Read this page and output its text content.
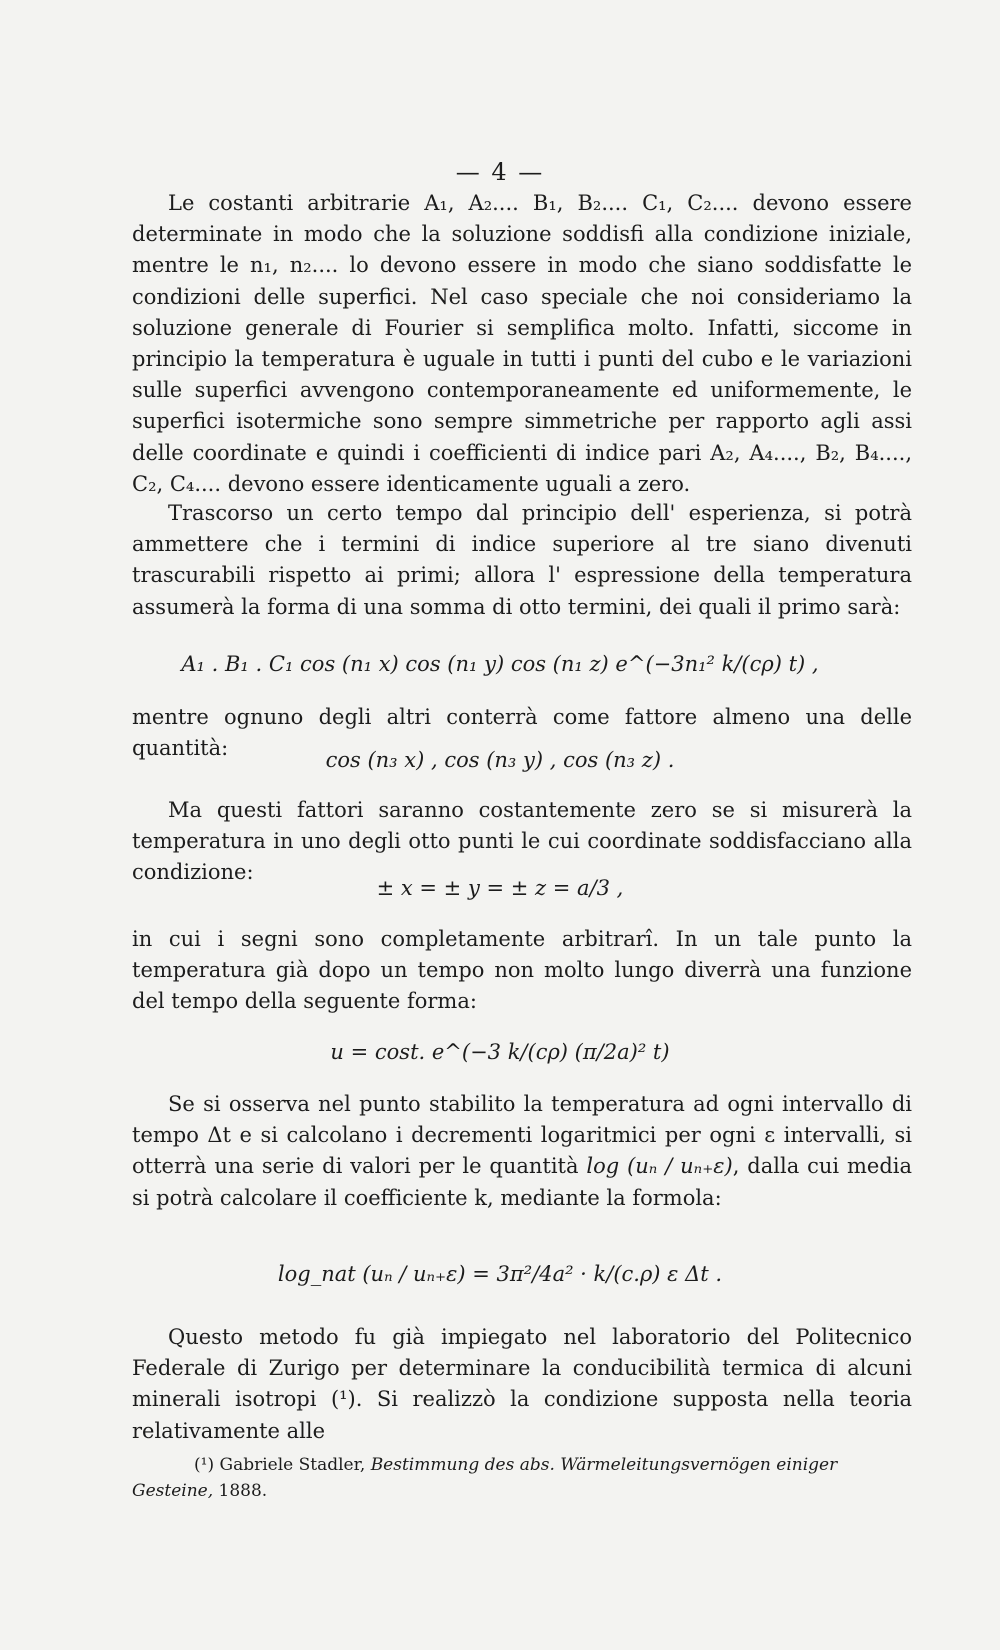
— 4 —
Le costanti arbitrarie A₁, A₂.... B₁, B₂.... C₁, C₂.... devono essere determinate in modo che la soluzione soddisfi alla condizione iniziale, mentre le n₁, n₂.... lo devono essere in modo che siano soddisfatte le condizioni delle superfici. Nel caso speciale che noi consideriamo la soluzione generale di Fourier si semplifica molto. Infatti, siccome in principio la temperatura è uguale in tutti i punti del cubo e le variazioni sulle superfici avvengono contemporaneamente ed uniformemente, le superfici isotermiche sono sempre simmetriche per rapporto agli assi delle coordinate e quindi i coefficienti di indice pari A₂, A₄...., B₂, B₄...., C₂, C₄.... devono essere identicamente uguali a zero.
Trascorso un certo tempo dal principio dell' esperienza, si potrà ammettere che i termini di indice superiore al tre siano divenuti trascurabili rispetto ai primi; allora l' espressione della temperatura assumerà la forma di una somma di otto termini, dei quali il primo sarà:
A₁ . B₁ . C₁ cos (n₁ x) cos (n₁ y) cos (n₁ z) e^(−3n₁² k/(cρ) t) ,
mentre ognuno degli altri conterrà come fattore almeno una delle quantità:	cos (n₃ x) , cos (n₃ y) , cos (n₃ z) .
Ma questi fattori saranno costantemente zero se si misurerà la temperatura in uno degli otto punti le cui coordinate soddisfacciano alla condizione:
± x = ± y = ± z = a/3 ,
in cui i segni sono completamente arbitrarî. In un tale punto la temperatura già dopo un tempo non molto lungo diverrà una funzione del tempo della seguente forma:
u = cost. e^(−3 k/(cρ) (π/2a)² t)
Se si osserva nel punto stabilito la temperatura ad ogni intervallo di tempo Δt e si calcolano i decrementi logaritmici per ogni ε intervalli, si otterrà una serie di valori per le quantità log (uₙ / uₙ₊ε), dalla cui media si potrà calcolare il coefficiente k, mediante la formola:
log_nat (uₙ / uₙ₊ε) = 3π²/4a² · k/(c.ρ) ε Δt .
Questo metodo fu già impiegato nel laboratorio del Politecnico Federale di Zurigo per determinare la conducibilità termica di alcuni minerali isotropi (¹). Si realizzò la condizione supposta nella teoria relativamente alle
(¹) Gabriele Stadler, Bestimmung des abs. Wärmeleitungsvernögen einiger Gesteine, 1888.
